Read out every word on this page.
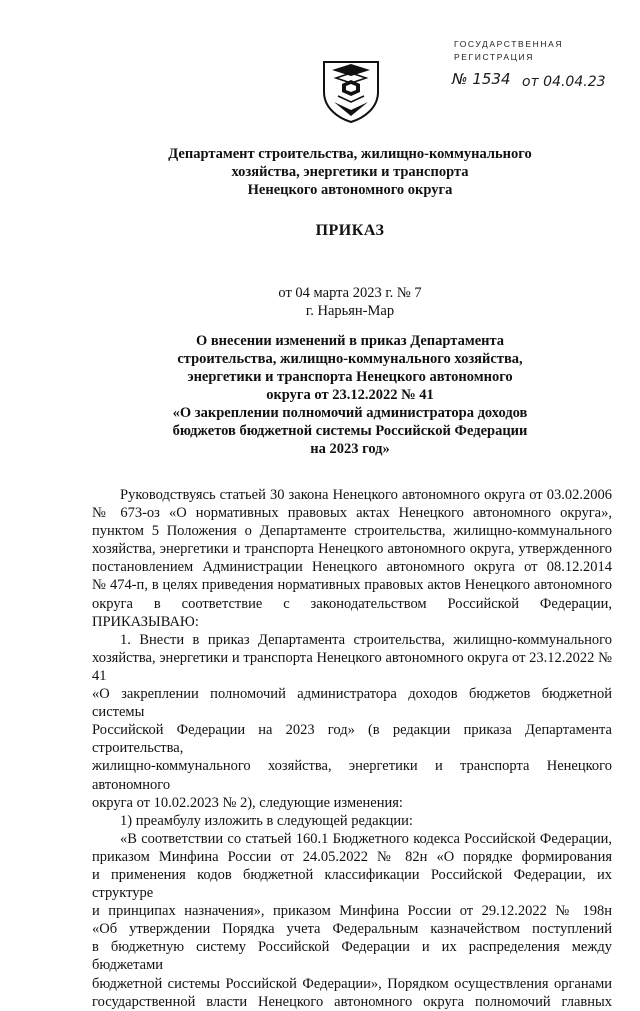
ГОСУДАРСТВЕННАЯ
РЕГИСТРАЦИЯ
№ 1534 от 04.04.23
Департамент строительства, жилищно-коммунального
хозяйства, энергетики и транспорта
Ненецкого автономного округа
ПРИКАЗ
от 04 марта 2023 г. № 7
г. Нарьян-Мар
О внесении изменений в приказ Департамента
строительства, жилищно-коммунального хозяйства,
энергетики и транспорта Ненецкого автономного
округа от 23.12.2022 № 41
«О закреплении полномочий администратора доходов
бюджетов бюджетной системы Российской Федерации
на 2023 год»

Руководствуясь статьей 30 закона Ненецкого автономного округа от 03.02.2006

№ 673-оз «О нормативных правовых актах Ненецкого автономного округа»,

пунктом 5 Положения о Департаменте строительства, жилищно-коммунального

хозяйства, энергетики и транспорта Ненецкого автономного округа, утвержденного

постановлением Администрации Ненецкого автономного округа от 08.12.2014

№ 474-п, в целях приведения нормативных правовых актов Ненецкого автономного

округа в соответствие с законодательством Российской Федерации, ПРИКАЗЫВАЮ:

1. Внести в приказ Департамента строительства, жилищно-коммунального

хозяйства, энергетики и транспорта Ненецкого автономного округа от 23.12.2022 № 41

«О закреплении полномочий администратора доходов бюджетов бюджетной системы

Российской Федерации на 2023 год» (в редакции приказа Департамента строительства,

жилищно-коммунального хозяйства, энергетики и транспорта Ненецкого автономного

округа от 10.02.2023 № 2), следующие изменения:

1) преамбулу изложить в следующей редакции:

«В соответствии со статьей 160.1 Бюджетного кодекса Российской Федерации,

приказом Минфина России от 24.05.2022 № 82н «О порядке формирования

и применения кодов бюджетной классификации Российской Федерации, их структуре

и принципах назначения», приказом Минфина России от 29.12.2022 № 198н

«Об утверждении Порядка учета Федеральным казначейством поступлений

в бюджетную систему Российской Федерации и их распределения между бюджетами

бюджетной системы Российской Федерации», Порядком осуществления органами

государственной власти Ненецкого автономного округа полномочий главных
